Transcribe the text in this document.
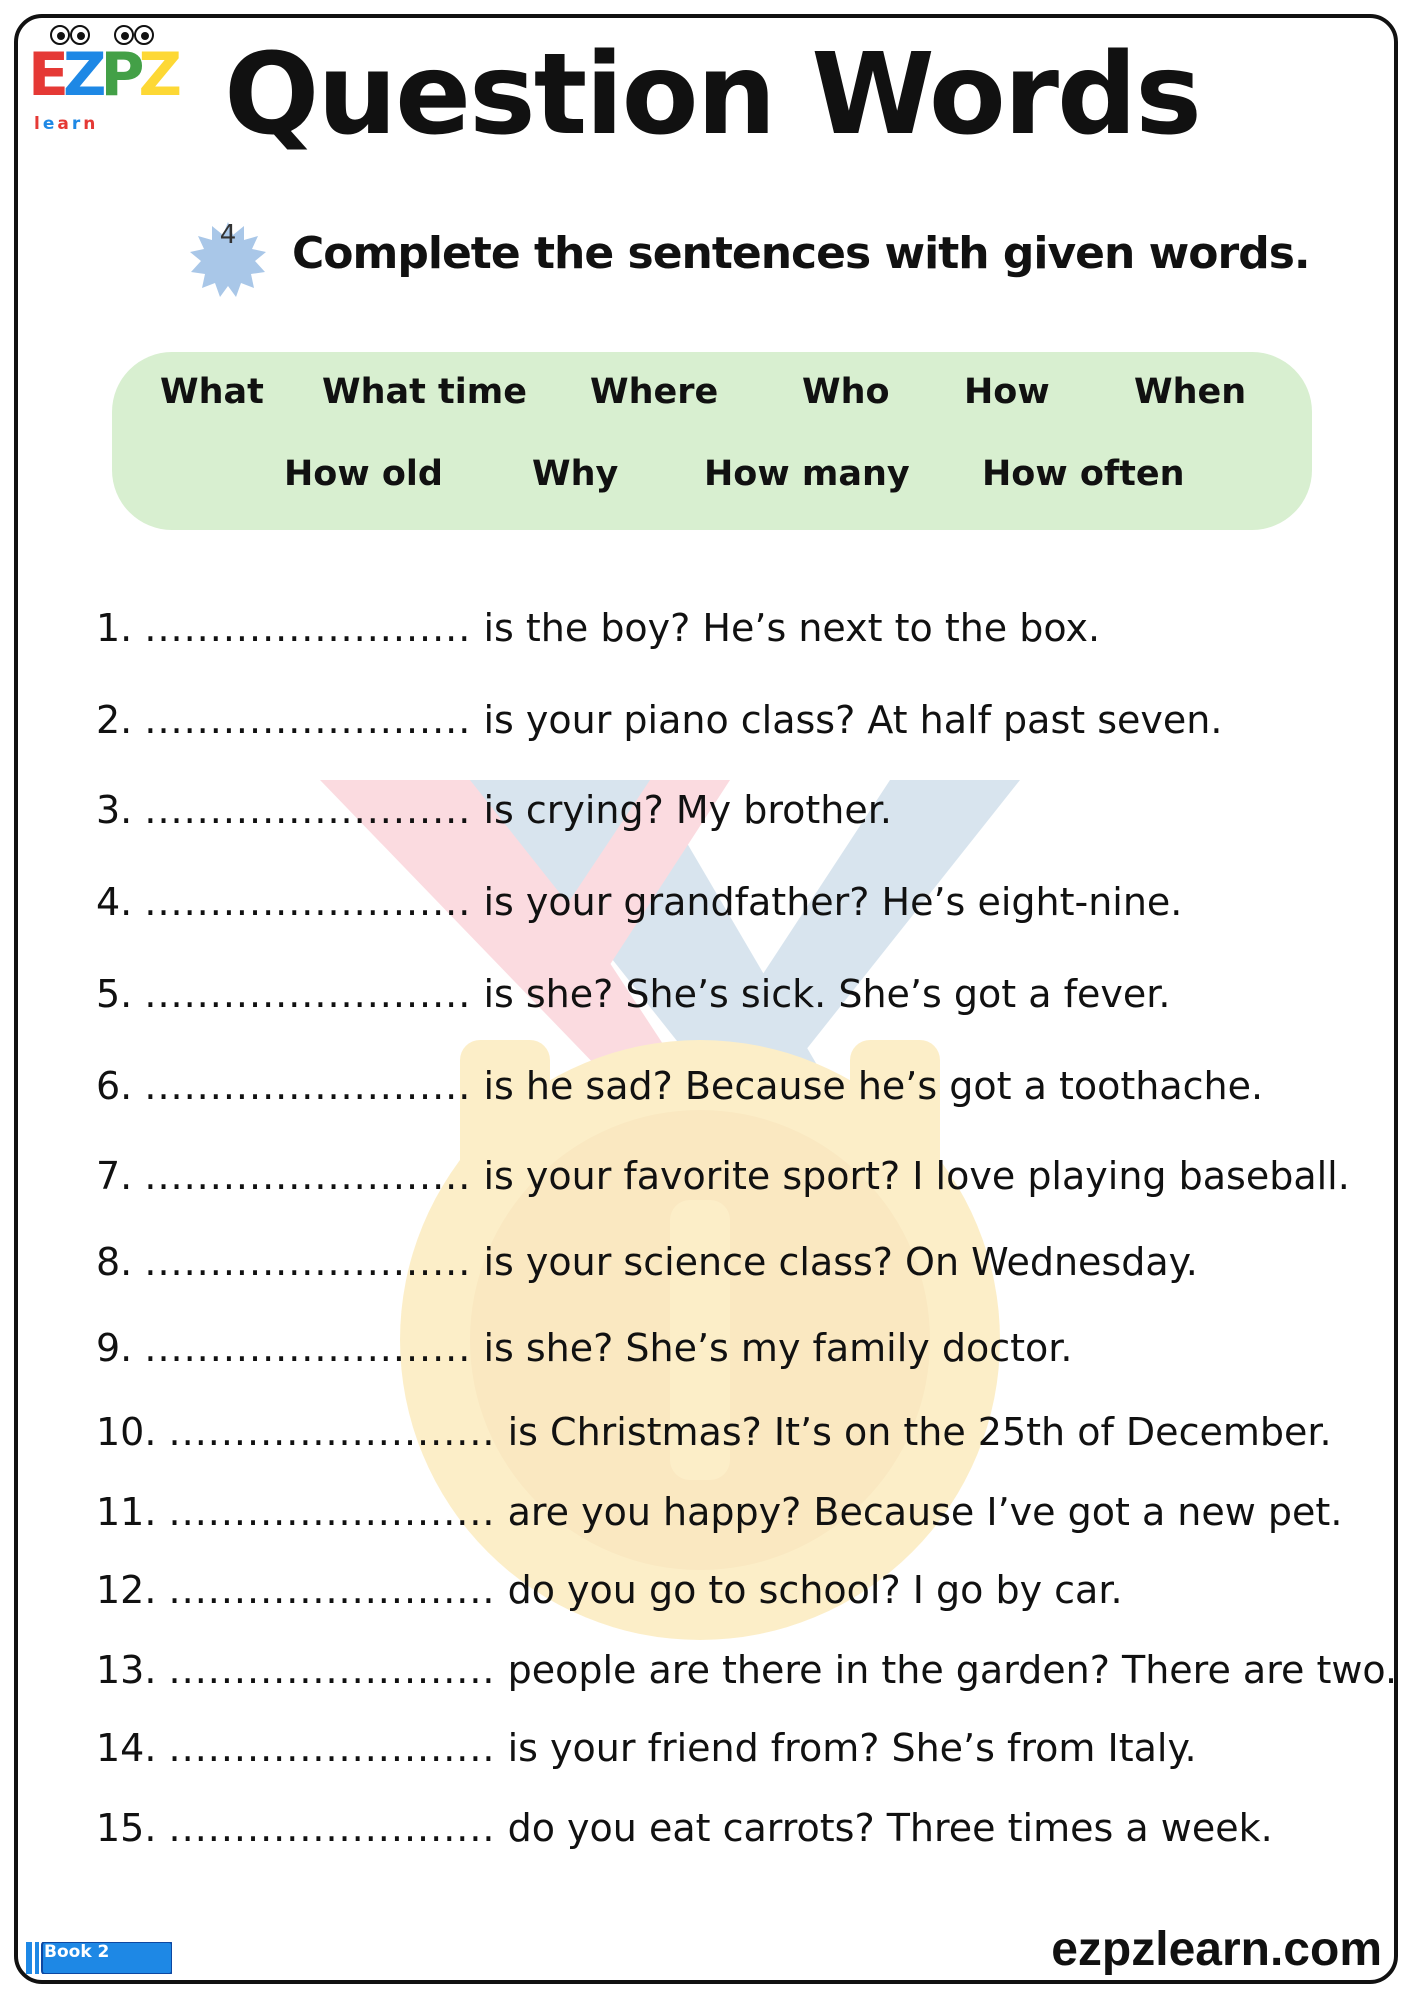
EZPZ
learn	Question Words
4	Complete the sentences with given words.
What What time Where Who How When
How old	Why How many How often
1. ......................... is the boy? He’s next to the box.
2. ......................... is your piano class? At half past seven.
3. ......................... is crying? My brother.
4. ......................... is your grandfather? He’s eight-nine.
5. ......................... is she? She’s sick. She’s got a fever.
6. ......................... is he sad? Because he’s got a toothache.
7. ......................... is your favorite sport? I love playing baseball.
8. ......................... is your science class? On Wednesday.
9. ......................... is she? She’s my family doctor.
10. ......................... is Christmas? It’s on the 25th of December.
11. ......................... are you happy? Because I’ve got a new pet.
12. ......................... do you go to school? I go by car.
13. ......................... people are there in the garden? There are two.
14. ......................... is your friend from? She’s from Italy.
15. ......................... do you eat carrots? Three times a week.
Book 2	ezpzlearn.com
